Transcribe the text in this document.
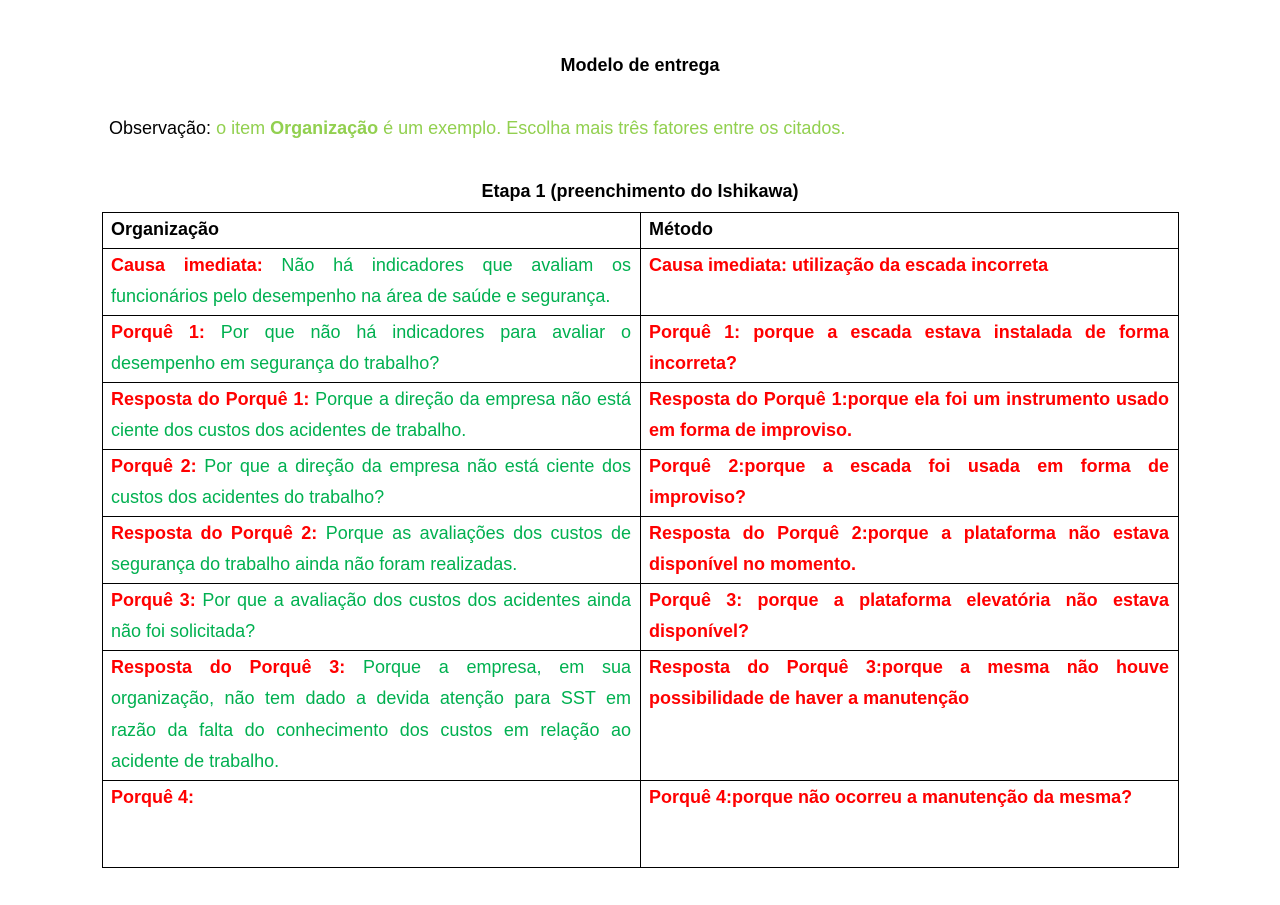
Modelo de entrega
Observação: o item Organização é um exemplo. Escolha mais três fatores entre os citados.
Etapa 1 (preenchimento do Ishikawa)
Organização	Método
Causa imediata: Não há indicadores que avaliam os funcionários pelo desempenho na área de saúde e segurança.	Causa imediata: utilização da escada incorreta
Porquê 1: Por que não há indicadores para avaliar o desempenho em segurança do trabalho?	Porquê 1: porque a escada estava instalada de forma incorreta?
Resposta do Porquê 1: Porque a direção da empresa não está ciente dos custos dos acidentes de trabalho.	Resposta do Porquê 1:porque ela foi um instrumento usado em forma de improviso.
Porquê 2: Por que a direção da empresa não está ciente dos custos dos acidentes do trabalho?	Porquê 2:porque a escada foi usada em forma de improviso?
Resposta do Porquê 2: Porque as avaliações dos custos de segurança do trabalho ainda não foram realizadas.	Resposta do Porquê 2:porque a plataforma não estava disponível no momento.
Porquê 3: Por que a avaliação dos custos dos acidentes ainda não foi solicitada?	Porquê 3: porque a plataforma elevatória não estava disponível?
Resposta do Porquê 3: Porque a empresa, em sua organização, não tem dado a devida atenção para SST em razão da falta do conhecimento dos custos em relação ao acidente de trabalho.	Resposta do Porquê 3:porque a mesma não houve possibilidade de haver a manutenção
Porquê 4:	Porquê 4:porque não ocorreu a manutenção da mesma?
